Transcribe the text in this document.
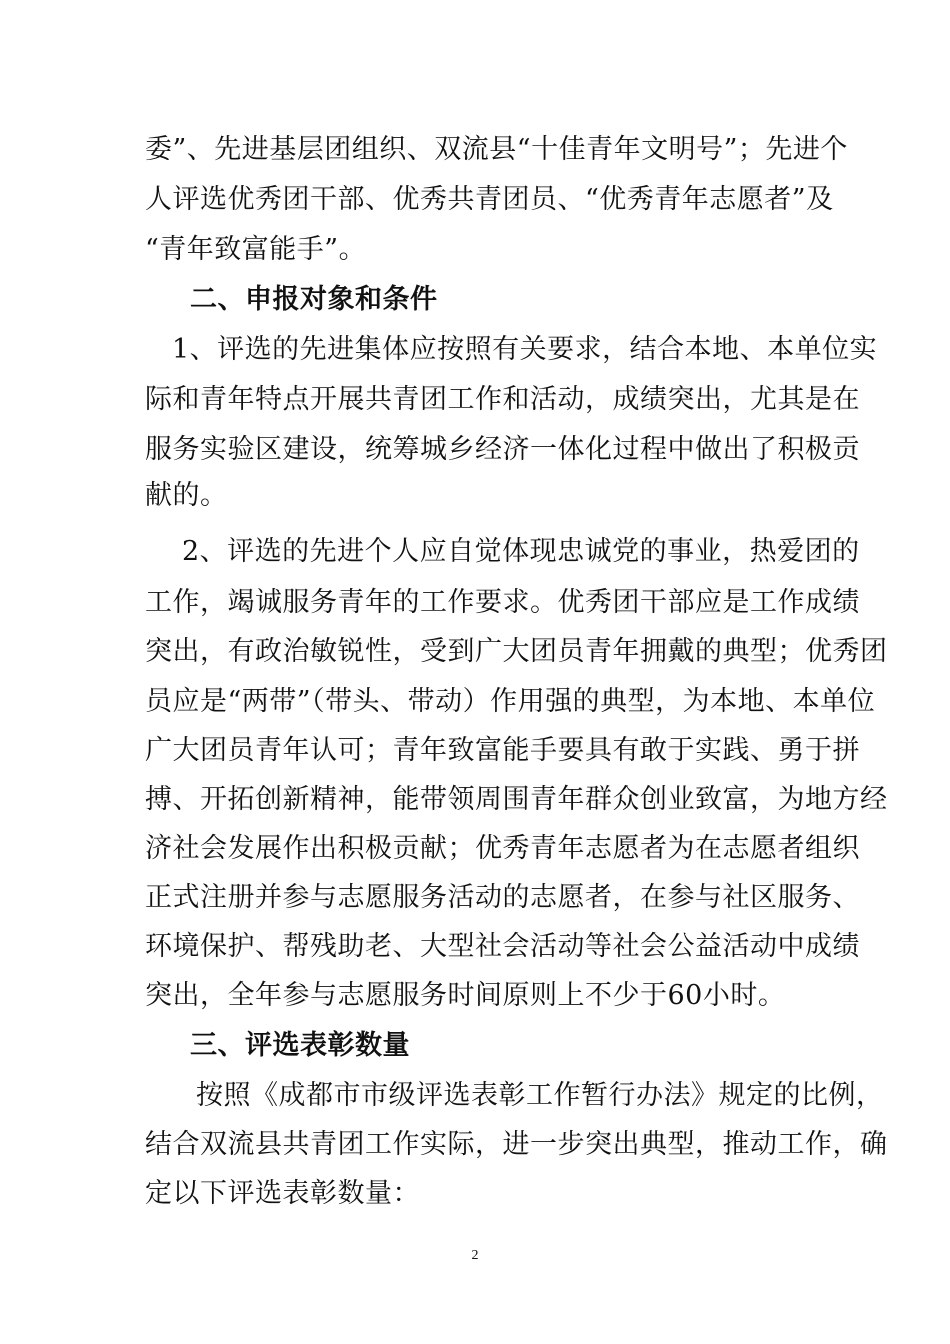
委”、先进基层团组织、双流县“十佳青年文明号”；先进个
人评选优秀团干部、优秀共青团员、“优秀青年志愿者”及
“青年致富能手”。
二、申报对象和条件
1、评选的先进集体应按照有关要求，结合本地、本单位实
际和青年特点开展共青团工作和活动，成绩突出，尤其是在
服务实验区建设，统筹城乡经济一体化过程中做出了积极贡
献的。
2、评选的先进个人应自觉体现忠诚党的事业，热爱团的
工作，竭诚服务青年的工作要求。优秀团干部应是工作成绩
突出，有政治敏锐性，受到广大团员青年拥戴的典型；优秀团
员应是“两带”（带头、带动）作用强的典型，为本地、本单位
广大团员青年认可；青年致富能手要具有敢于实践、勇于拼
搏、开拓创新精神，能带领周围青年群众创业致富，为地方经
济社会发展作出积极贡献；优秀青年志愿者为在志愿者组织
正式注册并参与志愿服务活动的志愿者，在参与社区服务、
环境保护、帮残助老、大型社会活动等社会公益活动中成绩
突出，全年参与志愿服务时间原则上不少于60小时。
三、评选表彰数量
按照《成都市市级评选表彰工作暂行办法》规定的比例，
结合双流县共青团工作实际，进一步突出典型，推动工作，确
定以下评选表彰数量：
2
